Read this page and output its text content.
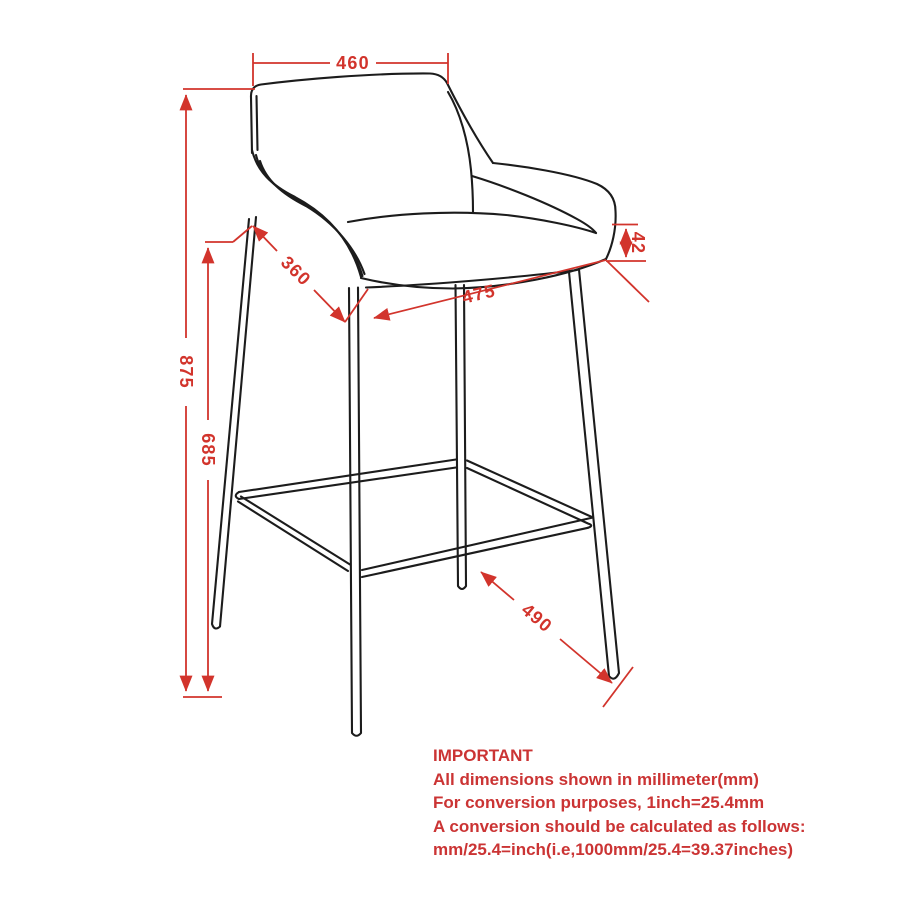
460
875
685
360
475
42
490
IMPORTANT
All dimensions shown in millimeter(mm)
For conversion purposes, 1inch=25.4mm
A conversion should be calculated as follows:
mm/25.4=inch(i.e,1000mm/25.4=39.37inches)
